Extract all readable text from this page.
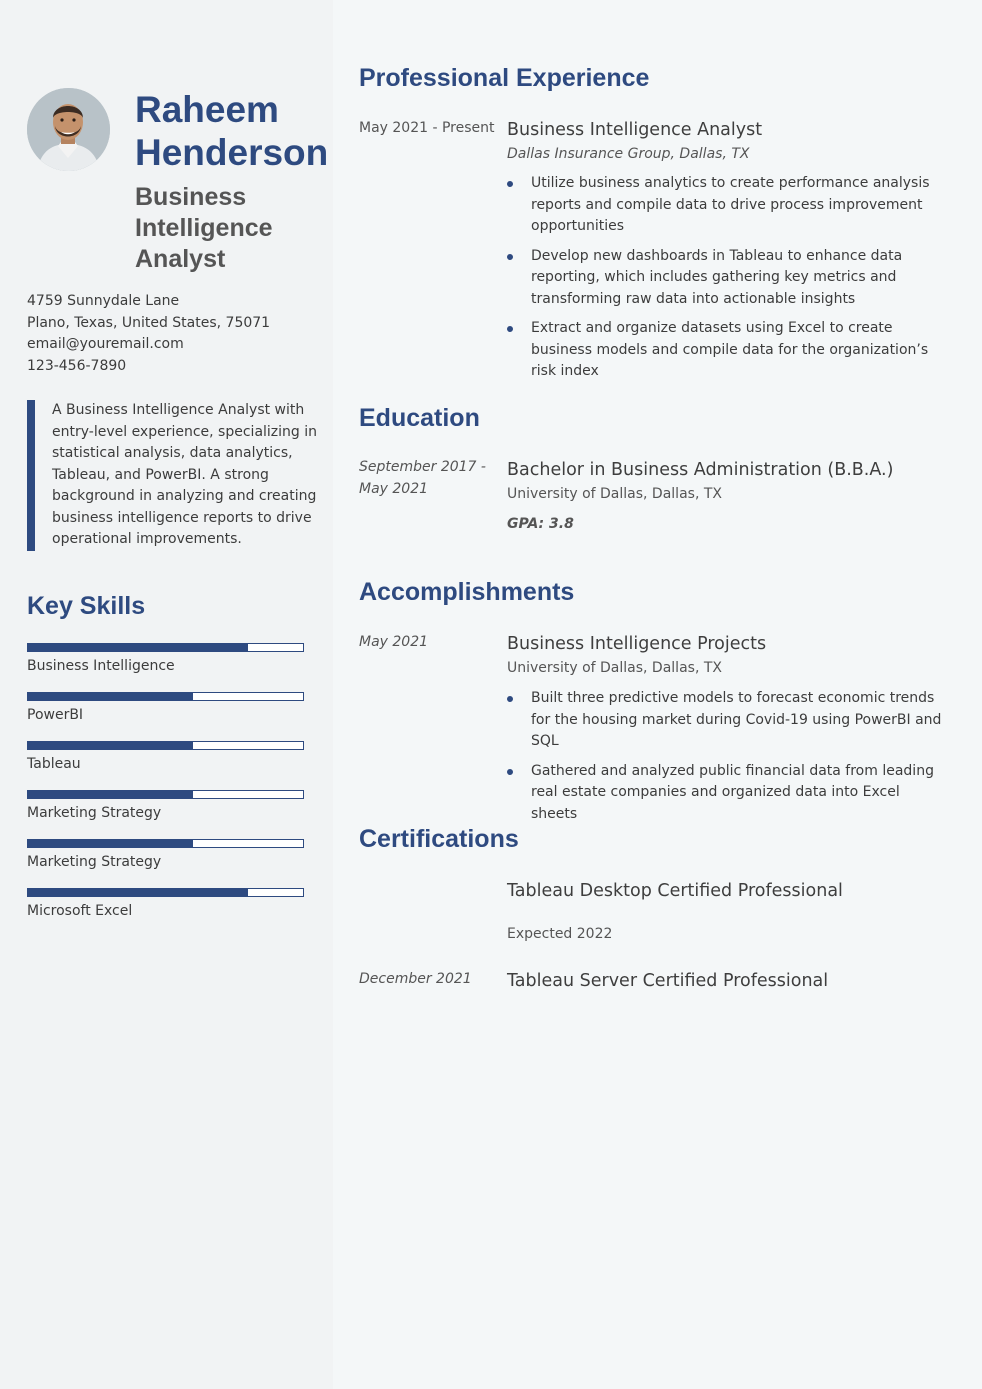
Raheem Henderson
Business Intelligence Analyst
4759 Sunnydale Lane
Plano, Texas, United States, 75071
email@youremail.com
123-456-7890
A Business Intelligence Analyst with entry-level experience, specializing in statistical analysis, data analytics, Tableau, and PowerBI. A strong background in analyzing and creating business intelligence reports to drive operational improvements.
Key Skills
Business Intelligence
PowerBI
Tableau
Marketing Strategy
Marketing Strategy
Microsoft Excel
Professional Experience
May 2021 - Present Business Intelligence Analyst
Dallas Insurance Group, Dallas, TX
Utilize business analytics to create performance analysis reports and compile data to drive process improvement opportunities
Develop new dashboards in Tableau to enhance data reporting, which includes gathering key metrics and transforming raw data into actionable insights
Extract and organize datasets using Excel to create business models and compile data for the organization’s risk index
Education
September 2017 -
May 2021
Bachelor in Business Administration (B.B.A.)
University of Dallas, Dallas, TX
GPA: 3.8
Accomplishments
May 2021	Business Intelligence Projects
University of Dallas, Dallas, TX
Built three predictive models to forecast economic trends for the housing market during Covid-19 using PowerBI and SQL
Gathered and analyzed public financial data from leading real estate companies and organized data into Excel sheets
Certifications
Tableau Desktop Certified Professional
Expected 2022
December 2021 Tableau Server Certified Professional
